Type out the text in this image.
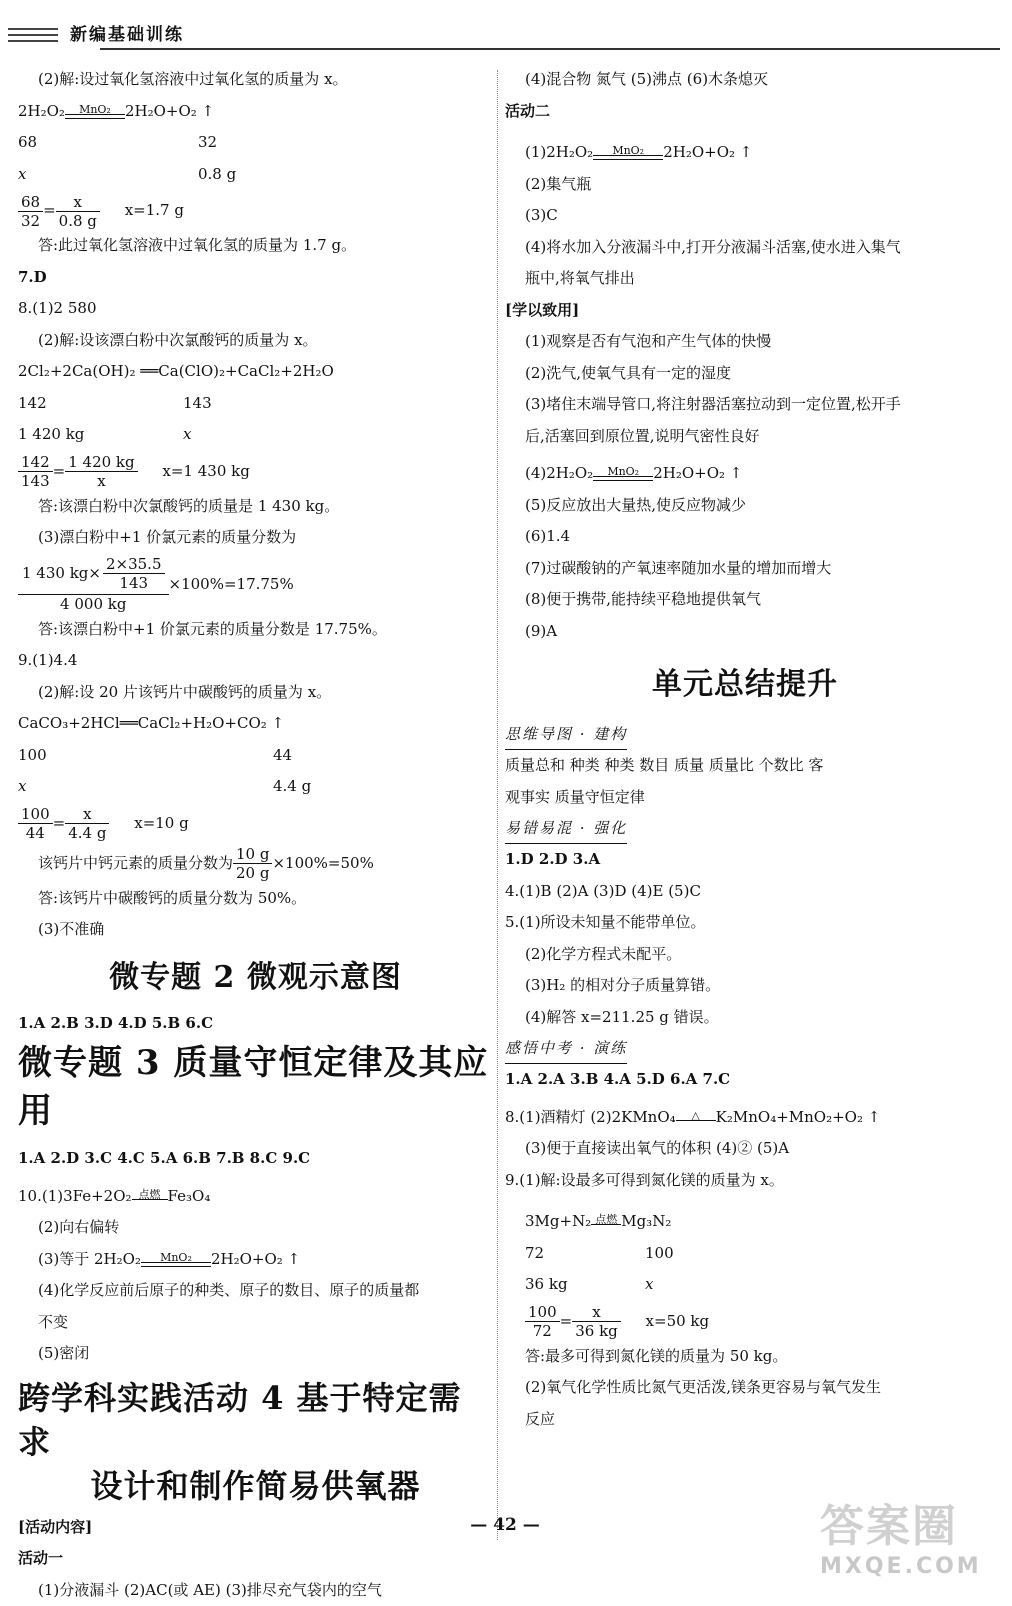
新编基础训练
(2)解:设过氧化氢溶液中过氧化氢的质量为 x。
2H₂O₂	MnO₂ 2H₂O+O₂ ↑
68	32
x	0.8 g
$\frac{68}{32} = \frac{x}{0.8 g} x=1.7$ g
答:此过氧化氢溶液中过氧化氢的质量为 1.7 g。
7.D
8.(1)2 580
(2)解:设该漂白粉中次氯酸钙的质量为 x。
2Cl₂+2Ca(OH)₂ ══Ca(ClO)₂+CaCl₂+2H₂O
142	143
1 420 kg	x
$\frac{142}{143} = \frac{1 420 kg}{x} x=1$ 430 kg
答:该漂白粉中次氯酸钙的质量是 1 430 kg。
(3)漂白粉中+1 价氯元素的质量分数为
$\frac{1 430 kg\times \frac{2\times 35.5}{143}}{4 000 kg} \times 100\%=17.75\%$
答:该漂白粉中+1 价氯元素的质量分数是 17.75%。
9.(1)4.4
(2)解:设 20 片该钙片中碳酸钙的质量为 x。
CaCO₃+2HCl══CaCl₂+H₂O+CO₂ ↑
100	44
x	4.4 g
$\frac{100}{44} = \frac{x}{4.4 g} x=10$ g
该钙片中钙元素的质量分数为 $\frac{10 g}{20 g} \times 100\%=50\%$
答:该钙片中碳酸钙的质量分数为 50%。
(3)不准确
微专题 2 微观示意图
1.A 2.B 3.D 4.D 5.B 6.C
微专题 3 质量守恒定律及其应用
1.A 2.D 3.C 4.C 5.A 6.B 7.B 8.C 9.C
10.(1)3Fe+2O₂ 点燃 Fe₃O₄
(2)向右偏转
(3)等于 2H₂O₂	MnO₂	2H₂O+O₂ ↑
(4)化学反应前后原子的种类、原子的数目、原子的质量都
不变
(5)密闭
跨学科实践活动 4 基于特定需求
设计和制作简易供氧器
[活动内容]
活动一
(1)分液漏斗 (2)AC(或 AE) (3)排尽充气袋内的空气
(4)混合物 氮气 (5)沸点 (6)木条熄灭
活动二
(1)2H₂O₂	MnO₂	2H₂O+O₂ ↑
(2)集气瓶
(3)C
(4)将水加入分液漏斗中,打开分液漏斗活塞,使水进入集气
瓶中,将氧气排出
[学以致用]
(1)观察是否有气泡和产生气体的快慢
(2)洗气,使氧气具有一定的湿度
(3)堵住末端导管口,将注射器活塞拉动到一定位置,松开手
后,活塞回到原位置,说明气密性良好
(4)2H₂O₂	MnO₂ 2H₂O+O₂ ↑
(5)反应放出大量热,使反应物减少
(6)1.4
(7)过碳酸钠的产氧速率随加水量的增加而增大
(8)便于携带,能持续平稳地提供氧气
(9)A
单元总结提升
思维导图 · 建构
质量总和 种类 种类 数目 质量 质量比 个数比 客
观事实 质量守恒定律
易错易混 · 强化
1.D 2.D 3.A
4.(1)B (2)A (3)D (4)E (5)C
5.(1)所设未知量不能带单位。
(2)化学方程式未配平。
(3)H₂ 的相对分子质量算错。
(4)解答 x=211.25 g 错误。
感悟中考 · 演练
1.A 2.A 3.B 4.A 5.D 6.A 7.C
8.(1)酒精灯 (2)2KMnO₄	△	K₂MnO₄+MnO₂+O₂ ↑
(3)便于直接读出氧气的体积 (4)② (5)A
9.(1)解:设最多可得到氮化镁的质量为 x。
3Mg+N₂ 点燃 Mg₃N₂
72	100
36 kg	x
$\frac{100}{72} = \frac{x}{36 kg} x=50$ kg
答:最多可得到氮化镁的质量为 50 kg。
(2)氧气化学性质比氮气更活泼,镁条更容易与氧气发生
反应
— 42 —	答案圈
MXQE.COM
